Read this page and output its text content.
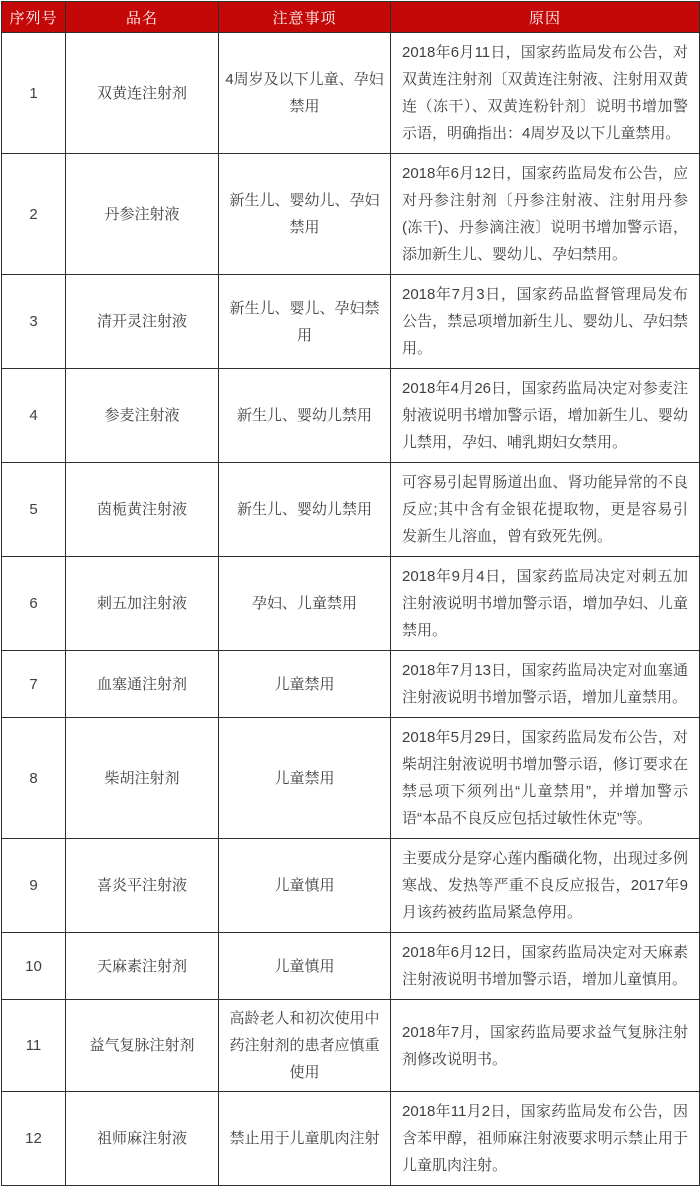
序列号	品名	注意事项	原因
1	双黄连注射剂	4周岁及以下儿童、孕妇禁用	2018年6月11日，国家药监局发布公告，对双黄连注射剂〔双黄连注射液、注射用双黄连（冻干）、双黄连粉针剂〕说明书增加警示语，明确指出：4周岁及以下儿童禁用。
2	丹参注射液	新生儿、婴幼儿、孕妇禁用	2018年6月12日，国家药监局发布公告，应对丹参注射剂〔丹参注射液、注射用丹参(冻干)、丹参滴注液〕说明书增加警示语，添加新生儿、婴幼儿、孕妇禁用。
3	清开灵注射液	新生儿、婴儿、孕妇禁用	2018年7月3日，国家药品监督管理局发布公告，禁忌项增加新生儿、婴幼儿、孕妇禁用。
4	参麦注射液	新生儿、婴幼儿禁用	2018年4月26日，国家药监局决定对参麦注射液说明书增加警示语，增加新生儿、婴幼儿禁用，孕妇、哺乳期妇女禁用。
5	茵栀黄注射液	新生儿、婴幼儿禁用	可容易引起胃肠道出血、肾功能异常的不良反应;其中含有金银花提取物，更是容易引发新生儿溶血，曾有致死先例。
6	刺五加注射液	孕妇、儿童禁用	2018年9月4日，国家药监局决定对刺五加注射液说明书增加警示语，增加孕妇、儿童禁用。
7	血塞通注射剂	儿童禁用	2018年7月13日，国家药监局决定对血塞通注射液说明书增加警示语，增加儿童禁用。
8	柴胡注射剂	儿童禁用	2018年5月29日，国家药监局发布公告，对柴胡注射液说明书增加警示语，修订要求在禁忌项下须列出“儿童禁用”，并增加警示语“本品不良反应包括过敏性休克”等。
9	喜炎平注射液	儿童慎用	主要成分是穿心莲内酯磺化物，出现过多例寒战、发热等严重不良反应报告，2017年9月该药被药监局紧急停用。
10	天麻素注射剂	儿童慎用	2018年6月12日，国家药监局决定对天麻素注射液说明书增加警示语，增加儿童慎用。
11	益气复脉注射剂	高龄老人和初次使用中药注射剂的患者应慎重使用	2018年7月，国家药监局要求益气复脉注射剂修改说明书。
12	祖师麻注射液	禁止用于儿童肌肉注射	2018年11月2日，国家药监局发布公告，因含苯甲醇，祖师麻注射液要求明示禁止用于儿童肌肉注射。
